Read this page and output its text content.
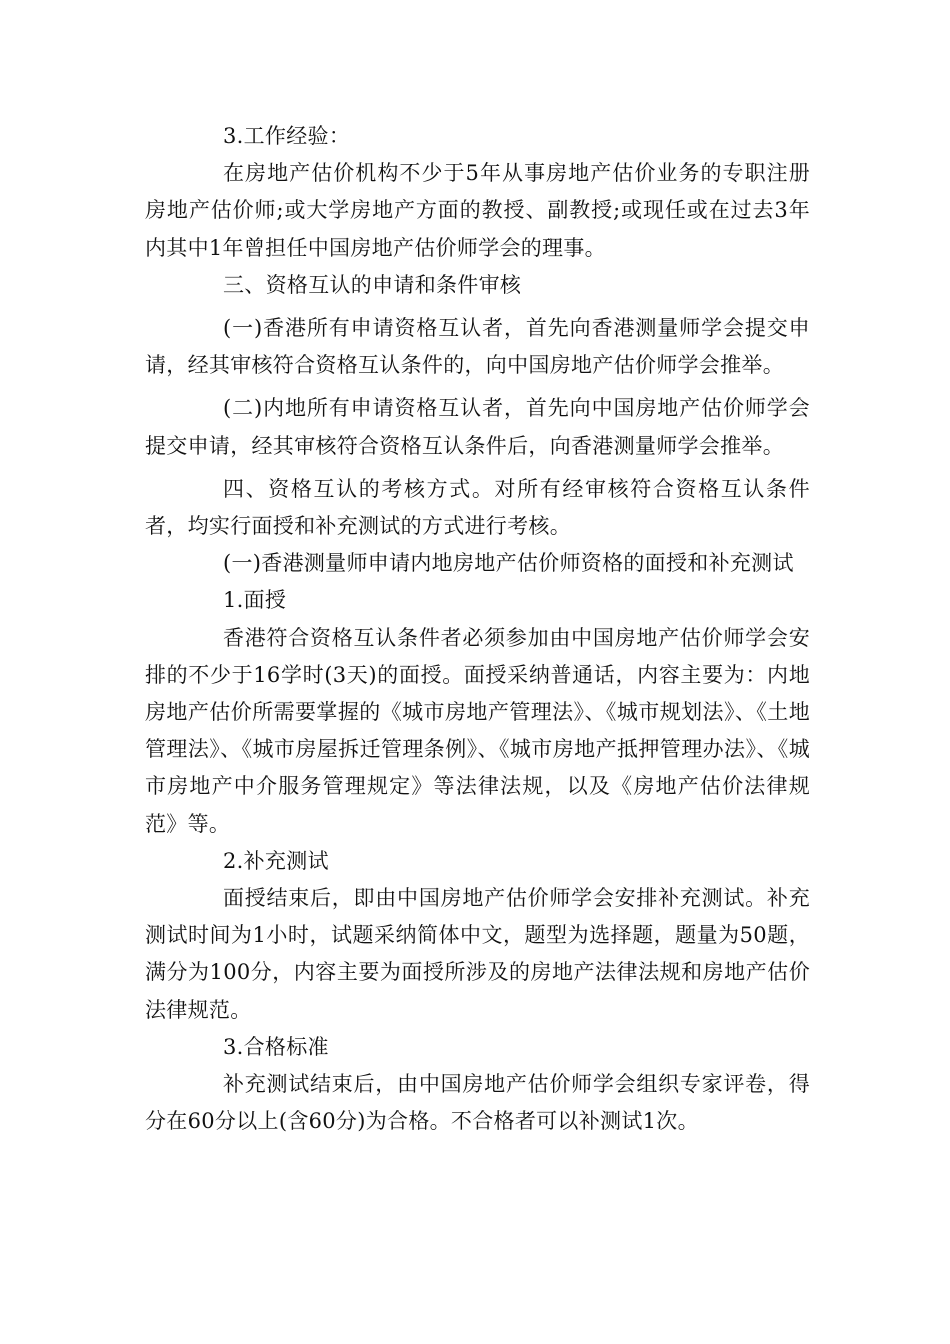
3.工作经验：

在房地产估价机构不少于5年从事房地产估价业务的专职注册房地产估价师;或大学房地产方面的教授、副教授;或现任或在过去3年内其中1年曾担任中国房地产估价师学会的理事。

三、资格互认的申请和条件审核

(一)香港所有申请资格互认者，首先向香港测量师学会提交申请，经其审核符合资格互认条件的，向中国房地产估价师学会推举。

(二)内地所有申请资格互认者，首先向中国房地产估价师学会提交申请，经其审核符合资格互认条件后，向香港测量师学会推举。

四、资格互认的考核方式。对所有经审核符合资格互认条件者，均实行面授和补充测试的方式进行考核。

(一)香港测量师申请内地房地产估价师资格的面授和补充测试

1.面授

香港符合资格互认条件者必须参加由中国房地产估价师学会安排的不少于16学时(3天)的面授。面授采纳普通话，内容主要为：内地房地产估价所需要掌握的《城市房地产管理法》、《城市规划法》、《土地管理法》、《城市房屋拆迁管理条例》、《城市房地产抵押管理办法》、《城市房地产中介服务管理规定》等法律法规，以及《房地产估价法律规范》等。

2.补充测试

面授结束后，即由中国房地产估价师学会安排补充测试。补充测试时间为1小时，试题采纳简体中文，题型为选择题，题量为50题，满分为100分，内容主要为面授所涉及的房地产法律法规和房地产估价法律规范。

3.合格标准

补充测试结束后，由中国房地产估价师学会组织专家评卷，得分在60分以上(含60分)为合格。不合格者可以补测试1次。
